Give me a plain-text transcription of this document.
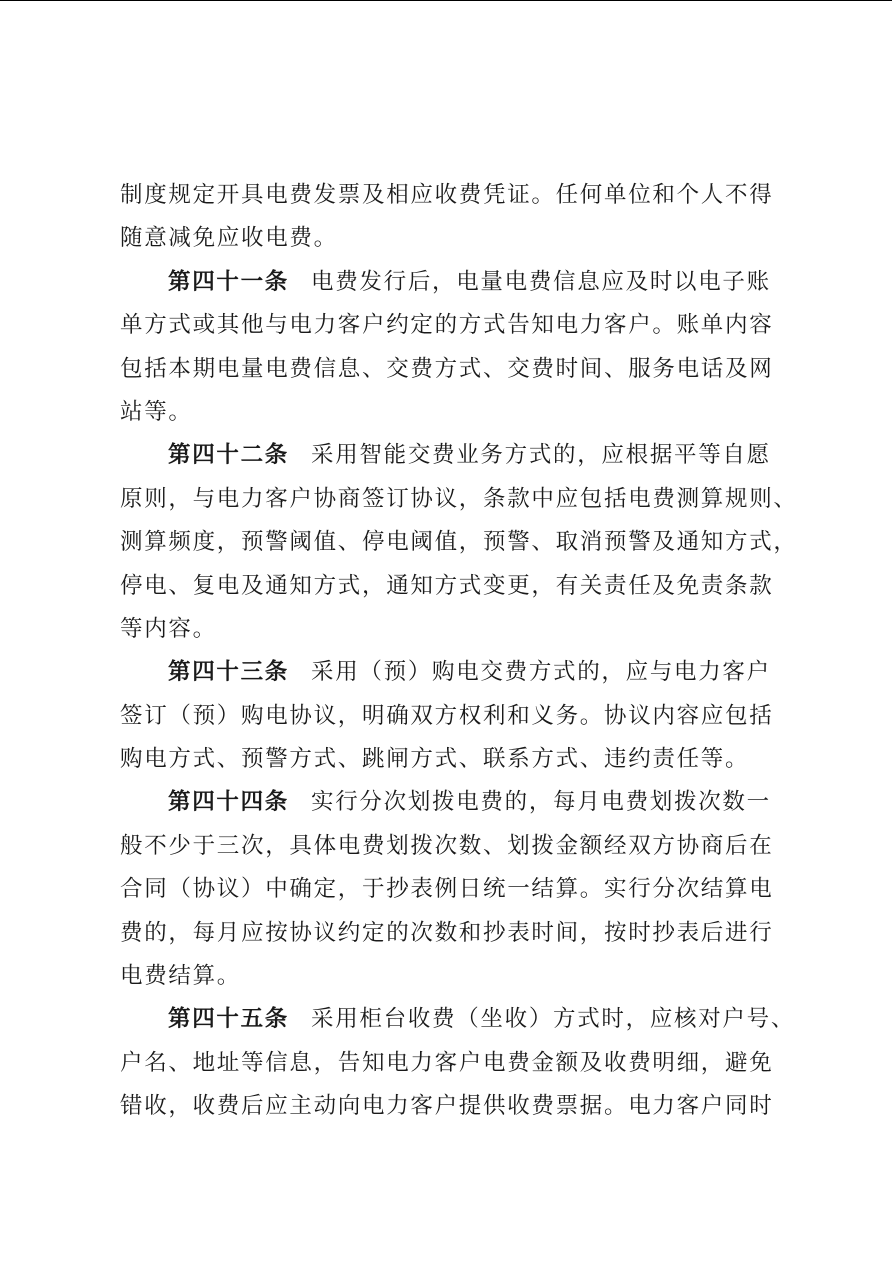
制度规定开具电费发票及相应收费凭证。任何单位和个人不得
随意减免应收电费。
第四十一条 电费发行后，电量电费信息应及时以电子账
单方式或其他与电力客户约定的方式告知电力客户。账单内容
包括本期电量电费信息、交费方式、交费时间、服务电话及网
站等。
第四十二条 采用智能交费业务方式的，应根据平等自愿
原则，与电力客户协商签订协议，条款中应包括电费测算规则、
测算频度，预警阈值、停电阈值，预警、取消预警及通知方式，
停电、复电及通知方式，通知方式变更，有关责任及免责条款
等内容。
第四十三条 采用（预）购电交费方式的，应与电力客户
签订（预）购电协议，明确双方权利和义务。协议内容应包括
购电方式、预警方式、跳闸方式、联系方式、违约责任等。
第四十四条 实行分次划拨电费的，每月电费划拨次数一
般不少于三次，具体电费划拨次数、划拨金额经双方协商后在
合同（协议）中确定，于抄表例日统一结算。实行分次结算电
费的，每月应按协议约定的次数和抄表时间，按时抄表后进行
电费结算。
第四十五条 采用柜台收费（坐收）方式时，应核对户号、
户名、地址等信息，告知电力客户电费金额及收费明细，避免
错收，收费后应主动向电力客户提供收费票据。电力客户同时
